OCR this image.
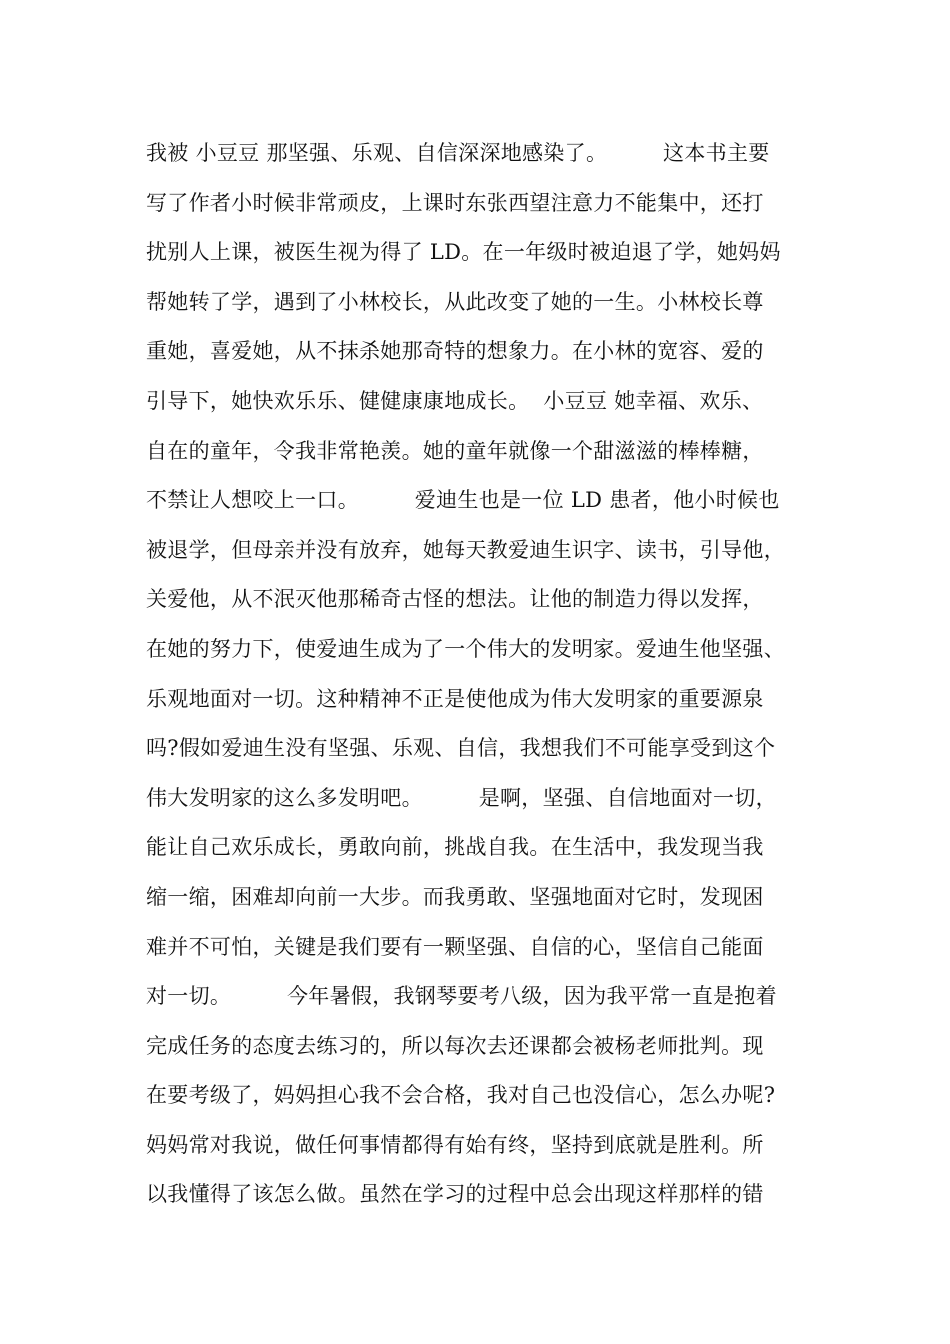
我被 小豆豆 那坚强、乐观、自信深深地感染了。        这本书主要
写了作者小时候非常顽皮，上课时东张西望注意力不能集中，还打
扰别人上课，被医生视为得了 LD。在一年级时被迫退了学，她妈妈
帮她转了学，遇到了小林校长，从此改变了她的一生。小林校长尊
重她，喜爱她，从不抹杀她那奇特的想象力。在小林的宽容、爱的
引导下，她快欢乐乐、健健康康地成长。  小豆豆 她幸福、欢乐、
自在的童年，令我非常艳羡。她的童年就像一个甜滋滋的棒棒糖，
不禁让人想咬上一口。        爱迪生也是一位 LD 患者，他小时候也
被退学，但母亲并没有放弃，她每天教爱迪生识字、读书，引导他，
关爱他，从不泯灭他那稀奇古怪的想法。让他的制造力得以发挥，
在她的努力下，使爱迪生成为了一个伟大的发明家。爱迪生他坚强、
乐观地面对一切。这种精神不正是使他成为伟大发明家的重要源泉
吗?假如爱迪生没有坚强、乐观、自信，我想我们不可能享受到这个
伟大发明家的这么多发明吧。        是啊，坚强、自信地面对一切，
能让自己欢乐成长，勇敢向前，挑战自我。在生活中，我发现当我
缩一缩，困难却向前一大步。而我勇敢、坚强地面对它时，发现困
难并不可怕，关键是我们要有一颗坚强、自信的心，坚信自己能面
对一切。        今年暑假，我钢琴要考八级，因为我平常一直是抱着
完成任务的态度去练习的，所以每次去还课都会被杨老师批判。现
在要考级了，妈妈担心我不会合格，我对自己也没信心，怎么办呢?
妈妈常对我说，做任何事情都得有始有终，坚持到底就是胜利。所
以我懂得了该怎么做。虽然在学习的过程中总会出现这样那样的错
